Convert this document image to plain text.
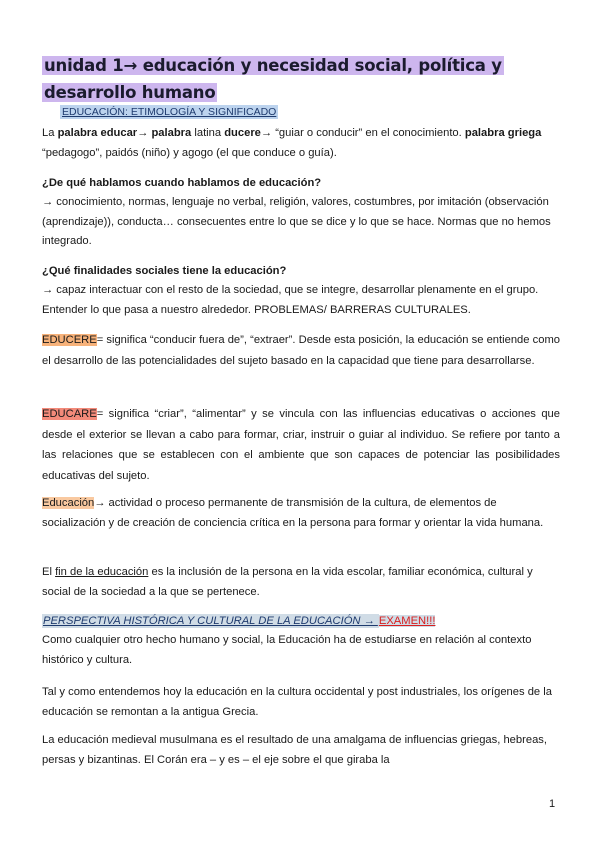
unidad 1→ educación y necesidad social, política y desarrollo humano
EDUCACIÓN: ETIMOLOGÍA Y SIGNIFICADO
La palabra educar→ palabra latina ducere→ “guiar o conducir” en el conocimiento. palabra griega “pedagogo”, paidós (niño) y agogo (el que conduce o guía).
¿De qué hablamos cuando hablamos de educación?
→ conocimiento, normas, lenguaje no verbal, religión, valores, costumbres, por imitación (observación (aprendizaje)), conducta… consecuentes entre lo que se dice y lo que se hace. Normas que no hemos integrado.
¿Qué finalidades sociales tiene la educación?
→ capaz interactuar con el resto de la sociedad, que se integre, desarrollar plenamente en el grupo. Entender lo que pasa a nuestro alrededor. PROBLEMAS/ BARRERAS CULTURALES.
EDUCERE= significa “conducir fuera de”, “extraer”. Desde esta posición, la educación se entiende como el desarrollo de las potencialidades del sujeto basado en la capacidad que tiene para desarrollarse.
EDUCARE= significa “criar”, “alimentar” y se vincula con las influencias educativas o acciones que desde el exterior se llevan a cabo para formar, criar, instruir o guiar al individuo. Se refiere por tanto a las relaciones que se establecen con el ambiente que son capaces de potenciar las posibilidades educativas del sujeto.
Educación→ actividad o proceso permanente de transmisión de la cultura, de elementos de socialización y de creación de conciencia crítica en la persona para formar y orientar la vida humana.
El fin de la educación es la inclusión de la persona en la vida escolar, familiar económica, cultural y social de la sociedad a la que se pertenece.
PERSPECTIVA HISTÓRICA Y CULTURAL DE LA EDUCACIÓN → EXAMEN!!!
Como cualquier otro hecho humano y social, la Educación ha de estudiarse en relación al contexto histórico y cultura.
Tal y como entendemos hoy la educación en la cultura occidental y post industriales, los orígenes de la educación se remontan a la antigua Grecia.
La educación medieval musulmana es el resultado de una amalgama de influencias griegas, hebreas, persas y bizantinas. El Corán era – y es – el eje sobre el que giraba la
1
